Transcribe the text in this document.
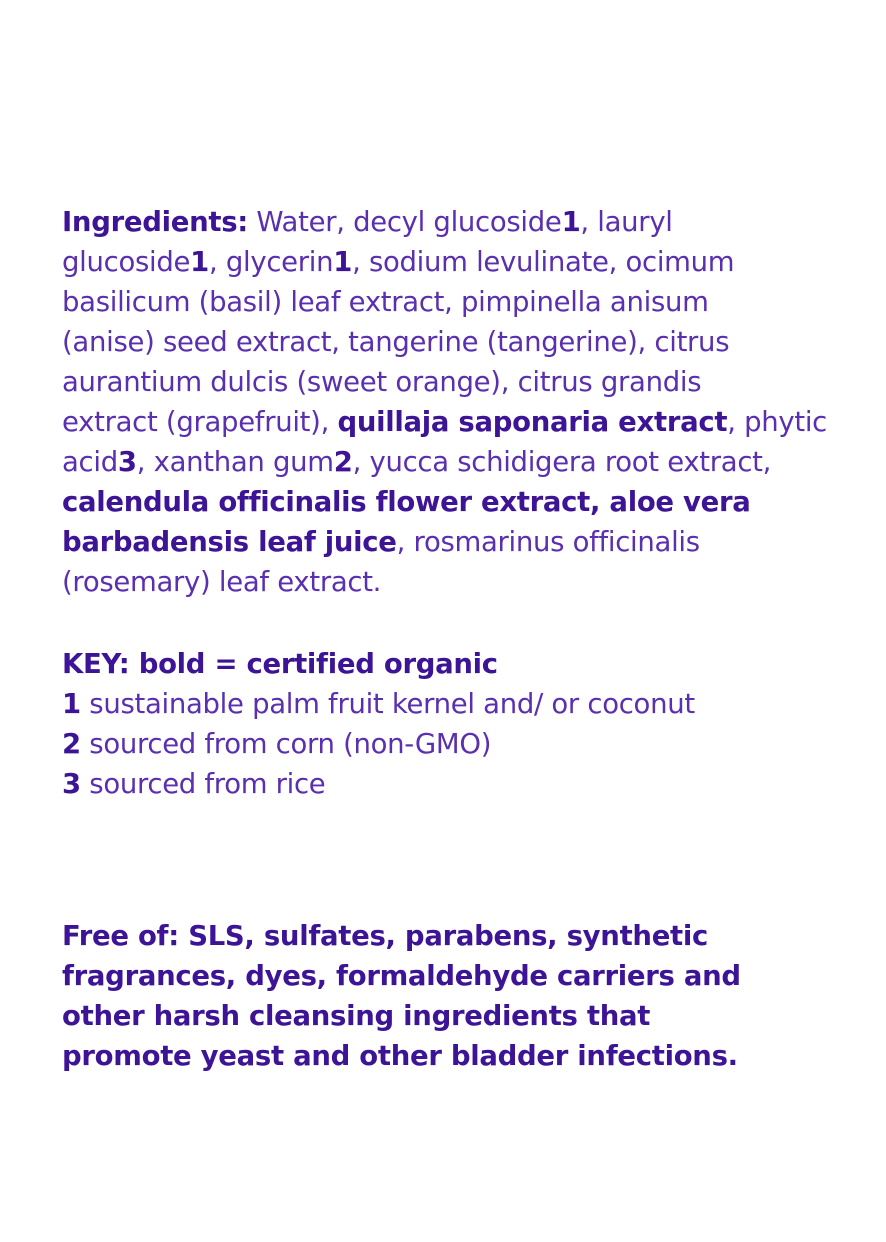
Ingredients: Water, decyl glucoside1, lauryl
glucoside1, glycerin1, sodium levulinate, ocimum
basilicum (basil) leaf extract, pimpinella anisum
(anise) seed extract, tangerine (tangerine), citrus
aurantium dulcis (sweet orange), citrus grandis
extract (grapefruit), quillaja saponaria extract, phytic
acid3, xanthan gum2, yucca schidigera root extract,
calendula officinalis flower extract, aloe vera
barbadensis leaf juice, rosmarinus officinalis
(rosemary) leaf extract.
KEY: bold = certified organic
1 sustainable palm fruit kernel and/ or coconut
2 sourced from corn (non-GMO)
3 sourced from rice
Free of: SLS, sulfates, parabens, synthetic
fragrances, dyes, formaldehyde carriers and
other harsh cleansing ingredients that
promote yeast and other bladder infections.
